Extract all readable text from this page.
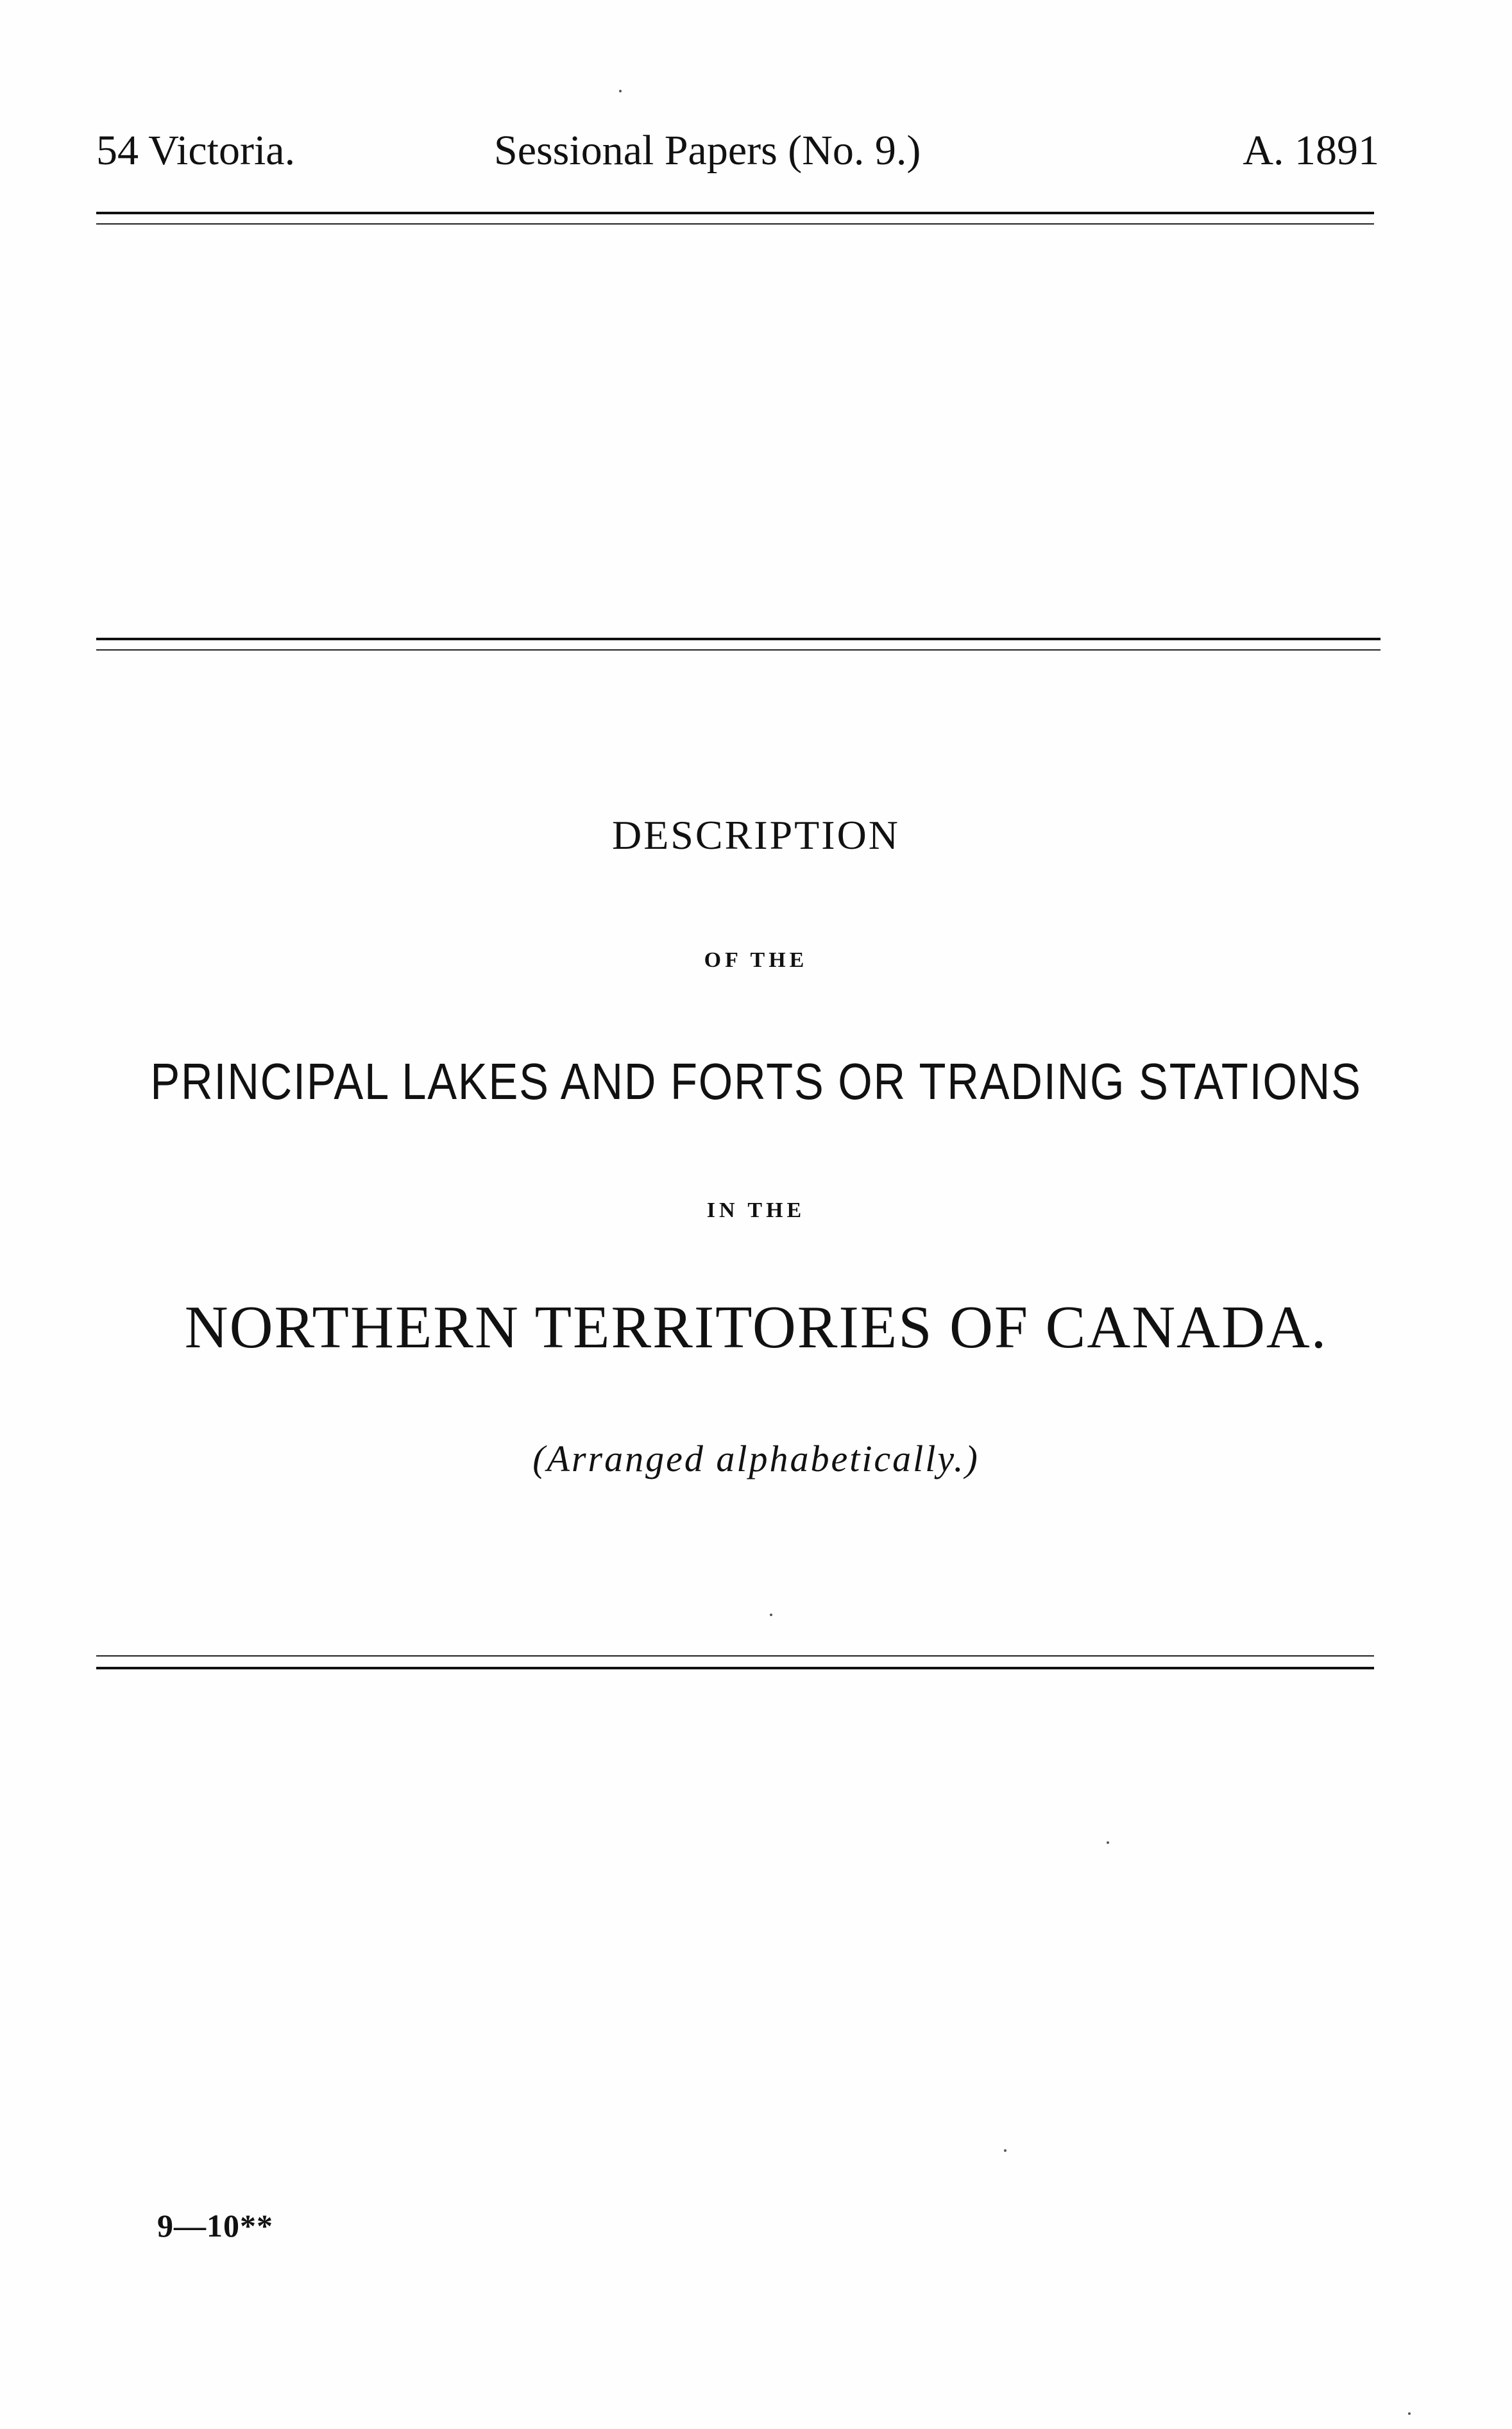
54 Victoria.	Sessional Papers (No. 9.)	A. 1891
DESCRIPTION
OF THE
PRINCIPAL LAKES AND FORTS OR TRADING STATIONS
IN THE
NORTHERN TERRITORIES OF CANADA.
(Arranged alphabetically.)
9—10**
